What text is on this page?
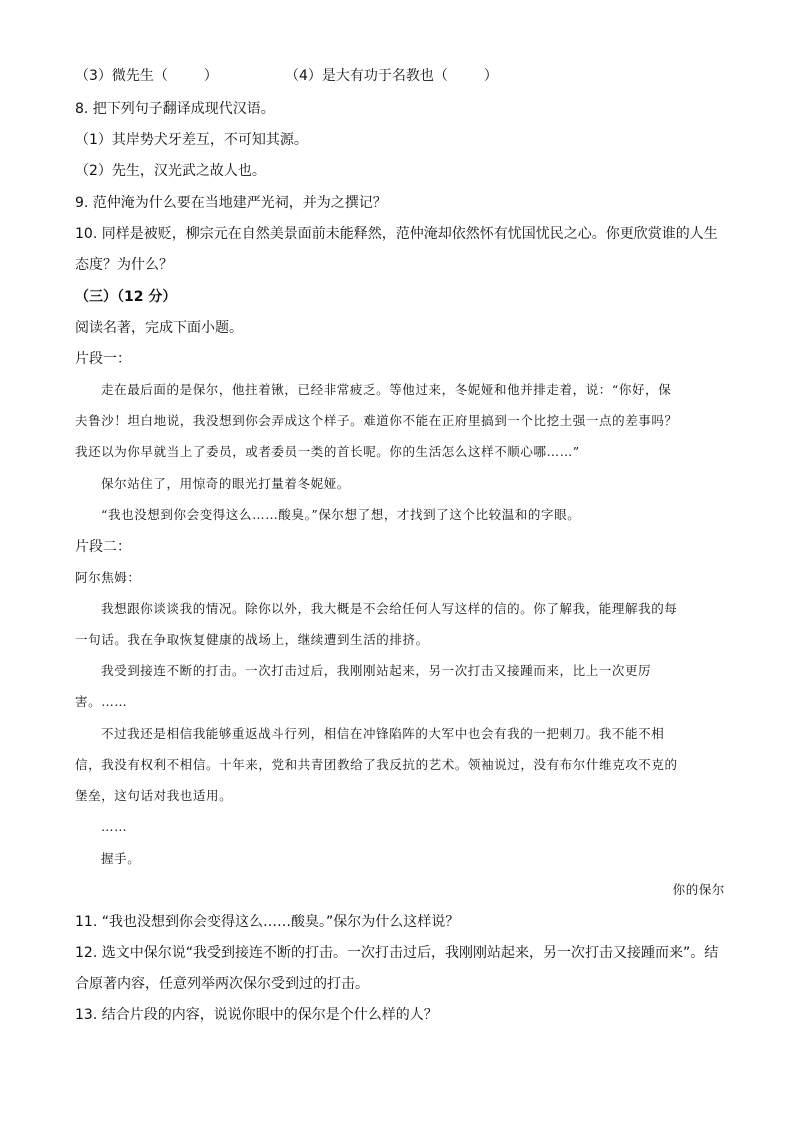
（3）微先生（	）	（4）是大有功于名教也（	）
8. 把下列句子翻译成现代汉语。
（1）其岸势犬牙差互，不可知其源。
（2）先生，汉光武之故人也。
9. 范仲淹为什么要在当地建严光祠，并为之撰记？
10. 同样是被贬，柳宗元在自然美景面前未能释然，范仲淹却依然怀有忧国忧民之心。你更欣赏谁的人生
态度？为什么？
（三）（12 分）
阅读名著，完成下面小题。
片段一：
走在最后面的是保尔，他拄着锹，已经非常疲乏。等他过来，冬妮娅和他并排走着，说：“你好，保
夫鲁沙！坦白地说，我没想到你会弄成这个样子。难道你不能在正府里搞到一个比挖土强一点的差事吗？
我还以为你早就当上了委员，或者委员一类的首长呢。你的生活怎么这样不顺心哪……”
保尔站住了，用惊奇的眼光打量着冬妮娅。
“我也没想到你会变得这么……酸臭。”保尔想了想，才找到了这个比较温和的字眼。
片段二：
阿尔焦姆：
我想跟你谈谈我的情况。除你以外，我大概是不会给任何人写这样的信的。你了解我，能理解我的每
一句话。我在争取恢复健康的战场上，继续遭到生活的排挤。
我受到接连不断的打击。一次打击过后，我刚刚站起来，另一次打击又接踵而来，比上一次更厉
害。……
不过我还是相信我能够重返战斗行列，相信在冲锋陷阵的大军中也会有我的一把刺刀。我不能不相
信，我没有权利不相信。十年来，党和共青团教给了我反抗的艺术。领袖说过，没有布尔什维克攻不克的
堡垒，这句话对我也适用。
……
握手。
你的保尔
11. “我也没想到你会变得这么……酸臭。”保尔为什么这样说？
12. 选文中保尔说“我受到接连不断的打击。一次打击过后，我刚刚站起来，另一次打击又接踵而来”。结
合原著内容，任意列举两次保尔受到过的打击。
13. 结合片段的内容，说说你眼中的保尔是个什么样的人？
